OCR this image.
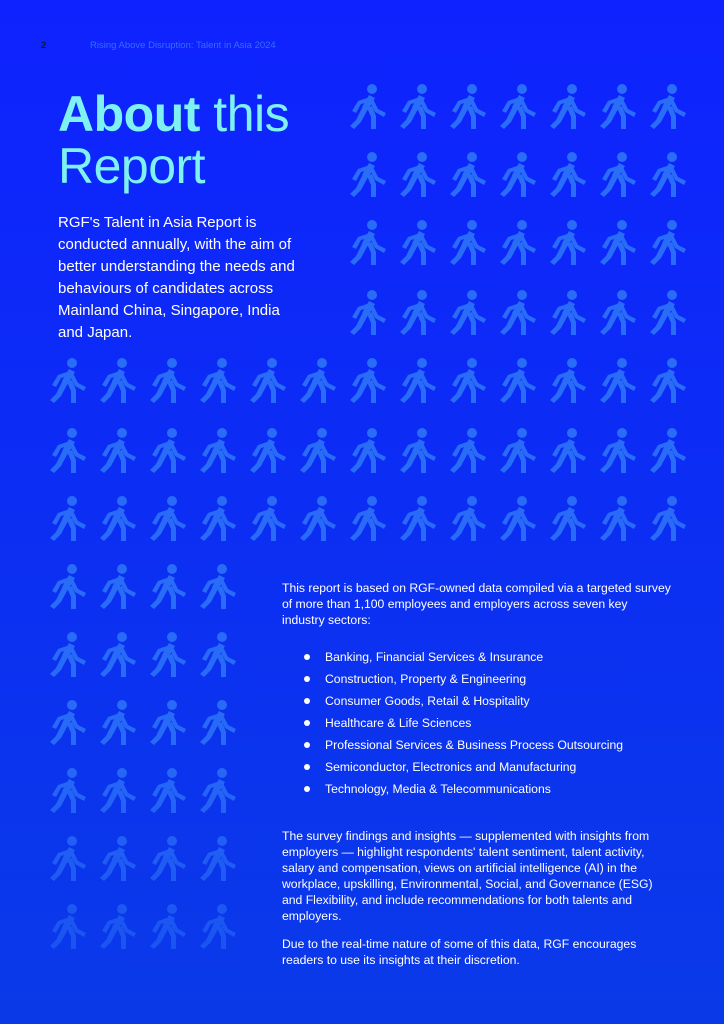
2	Rising Above Disruption: Talent in Asia 2024
About this
Report

RGF's Talent in Asia Report is conducted annually, with the aim of better understanding the needs and behaviours of candidates across Mainland China, Singapore, India and Japan.

This report is based on RGF-owned data compiled via a targeted survey of more than 1,100 employees and employers across seven key industry sectors:

Banking, Financial Services & Insurance
Construction, Property & Engineering
Consumer Goods, Retail & Hospitality
Healthcare & Life Sciences
Professional Services & Business Process Outsourcing
Semiconductor, Electronics and Manufacturing
Technology, Media & Telecommunications

The survey findings and insights — supplemented with insights from employers — highlight respondents' talent sentiment, talent activity, salary and compensation, views on artificial intelligence (AI) in the workplace, upskilling, Environmental, Social, and Governance (ESG) and Flexibility, and include recommendations for both talents and employers.

Due to the real-time nature of some of this data, RGF encourages readers to use its insights at their discretion.
